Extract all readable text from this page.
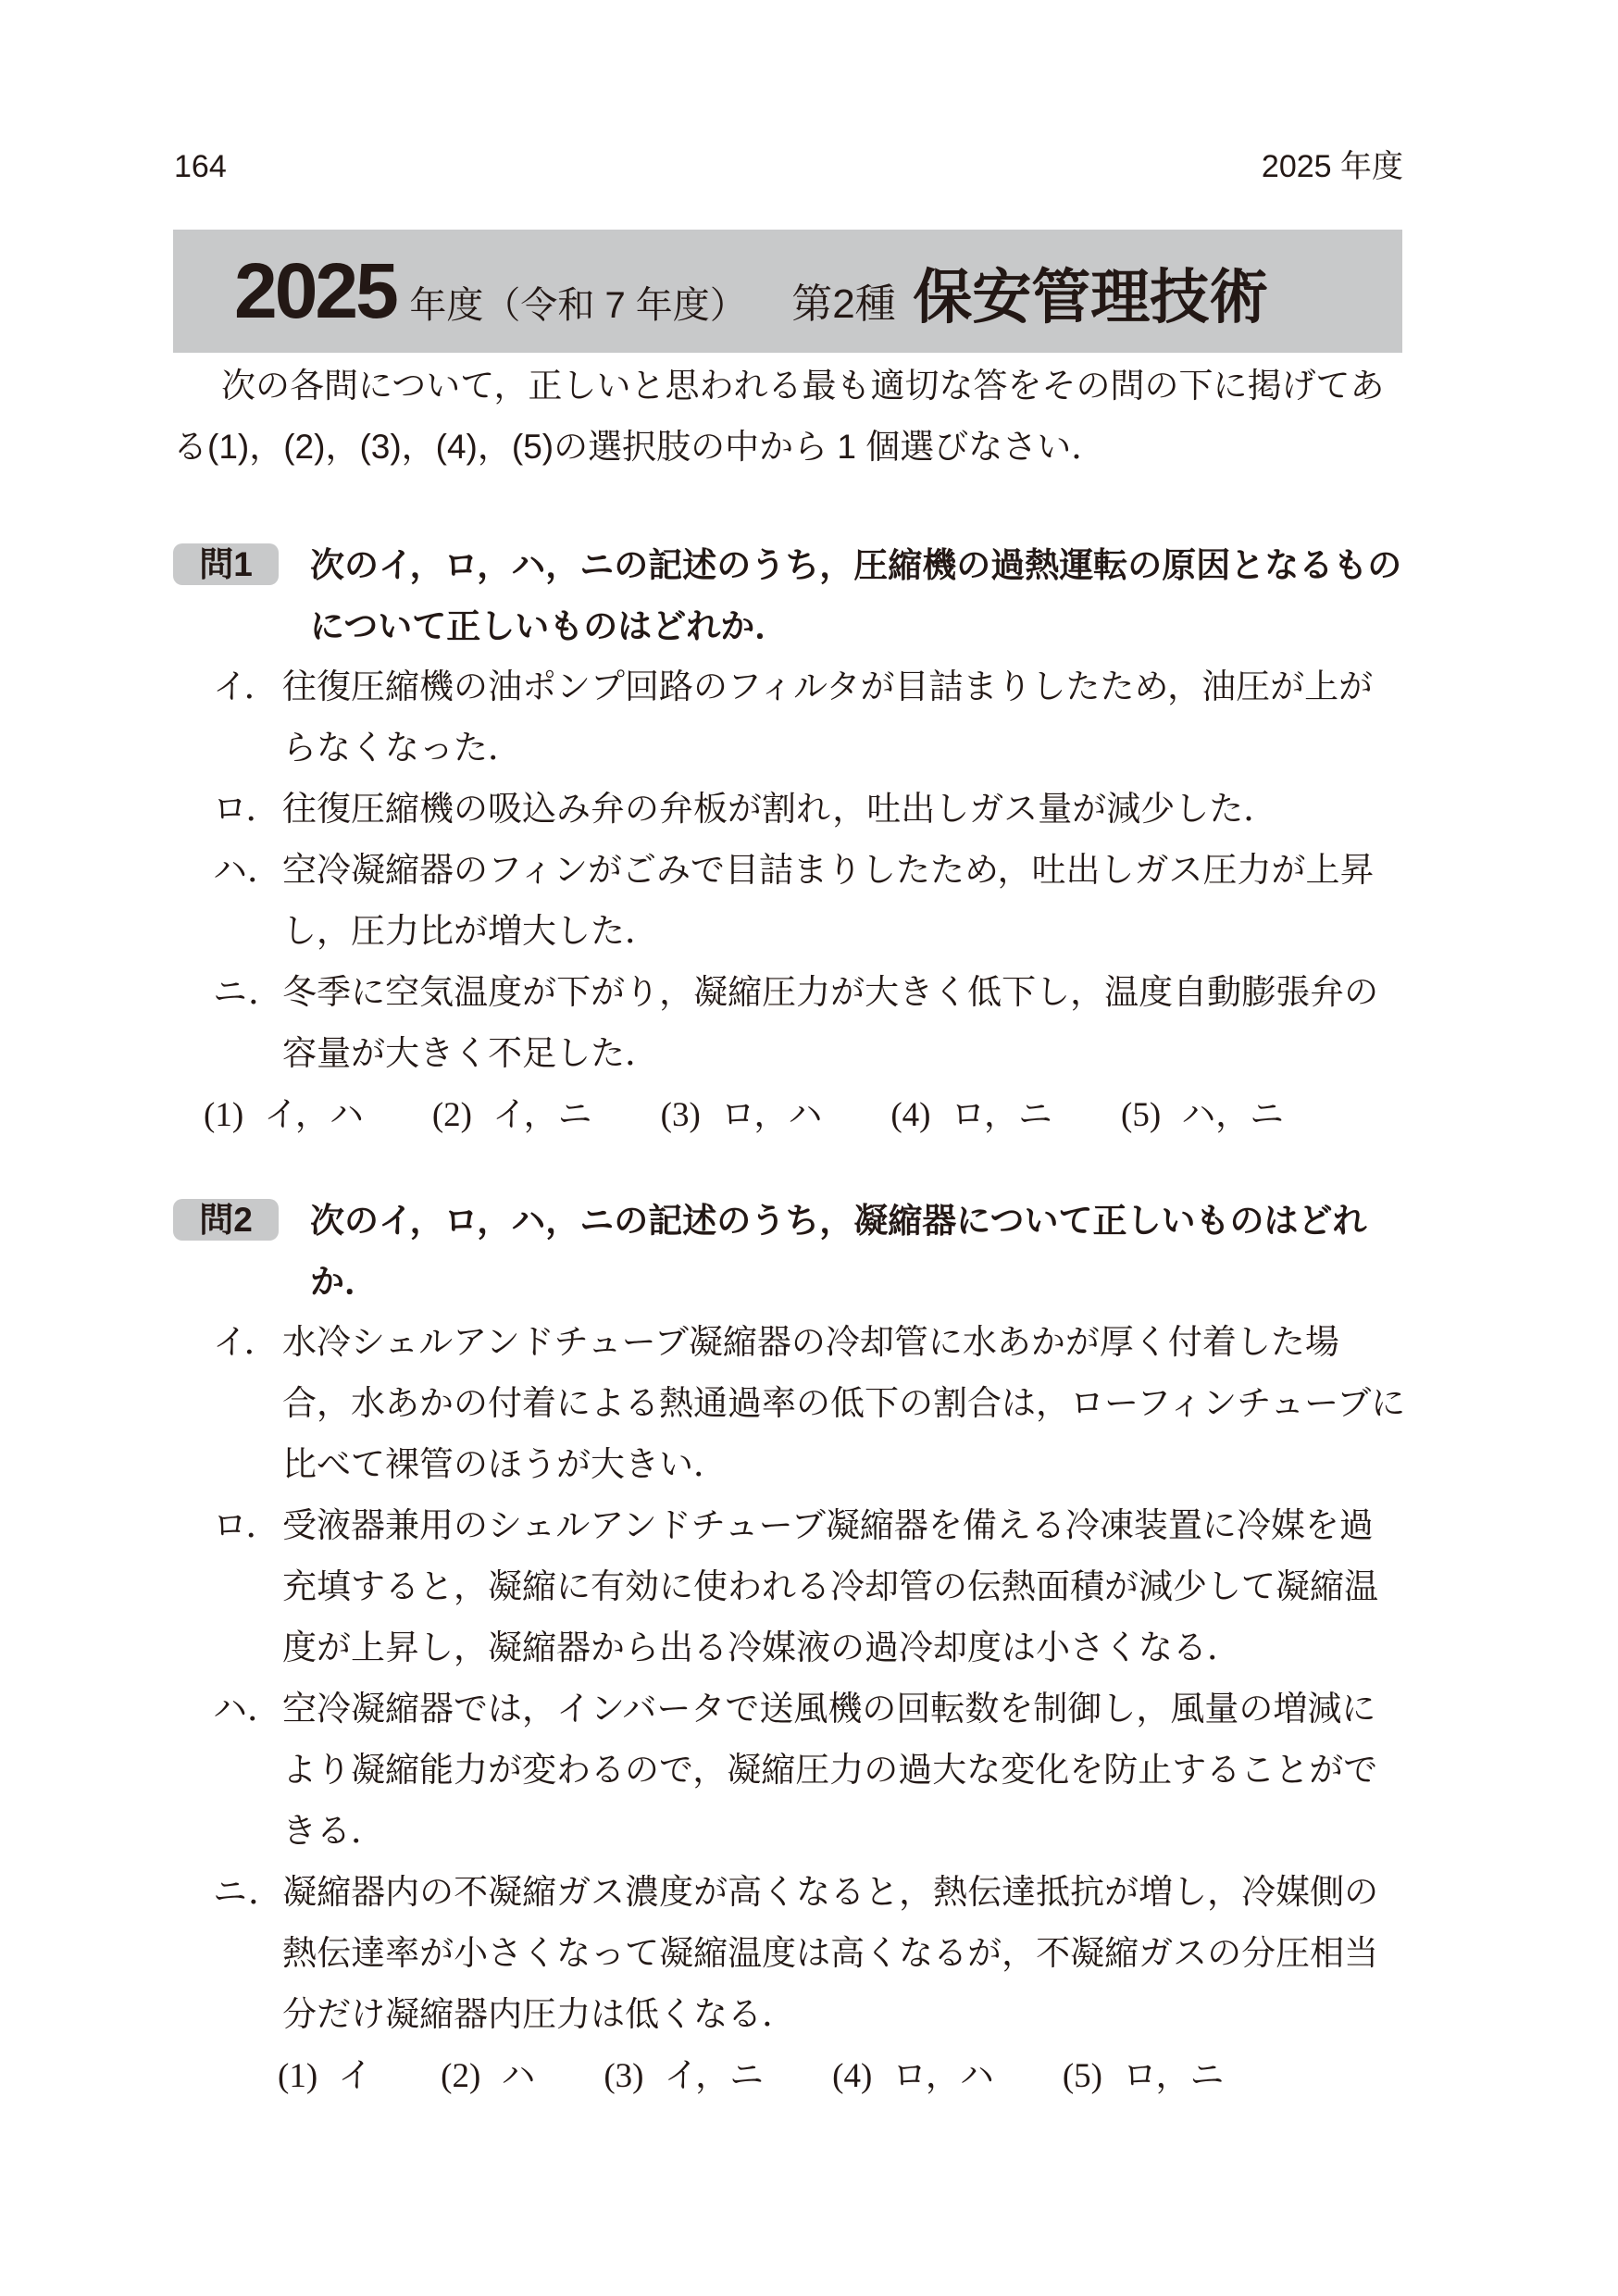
164	2025 年度
2025 年度（令和 7 年度） 第2種 保安管理技術

次の各問について，正しいと思われる最も適切な答をその問の下に掲げてある(1)，(2)，(3)，(4)，(5)の選択肢の中から 1 個選びなさい．

問1	次のイ，ロ，ハ，ニの記述のうち，圧縮機の過熱運転の原因となるものについて正しいものはどれか．
イ． 往復圧縮機の油ポンプ回路のフィルタが目詰まりしたため，油圧が上がらなくなった．
ロ． 往復圧縮機の吸込み弁の弁板が割れ，吐出しガス量が減少した．
ハ． 空冷凝縮器のフィンがごみで目詰まりしたため，吐出しガス圧力が上昇し，圧力比が増大した．
ニ． 冬季に空気温度が下がり，凝縮圧力が大きく低下し，温度自動膨張弁の容量が大きく不足した．
(1) イ，ハ (2) イ，ニ (3) ロ，ハ (4) ロ，ニ (5) ハ，ニ
問2	次のイ，ロ，ハ，ニの記述のうち，凝縮器について正しいものはどれか．
イ． 水冷シェルアンドチューブ凝縮器の冷却管に水あかが厚く付着した場合，水あかの付着による熱通過率の低下の割合は，ローフィンチューブに比べて裸管のほうが大きい．
ロ． 受液器兼用のシェルアンドチューブ凝縮器を備える冷凍装置に冷媒を過充填すると，凝縮に有効に使われる冷却管の伝熱面積が減少して凝縮温度が上昇し，凝縮器から出る冷媒液の過冷却度は小さくなる．
ハ． 空冷凝縮器では，インバータで送風機の回転数を制御し，風量の増減により凝縮能力が変わるので，凝縮圧力の過大な変化を防止することができる．
ニ． 凝縮器内の不凝縮ガス濃度が高くなると，熱伝達抵抗が増し，冷媒側の熱伝達率が小さくなって凝縮温度は高くなるが，不凝縮ガスの分圧相当分だけ凝縮器内圧力は低くなる．
(1) イ (2) ハ (3) イ，ニ (4) ロ，ハ (5) ロ，ニ
